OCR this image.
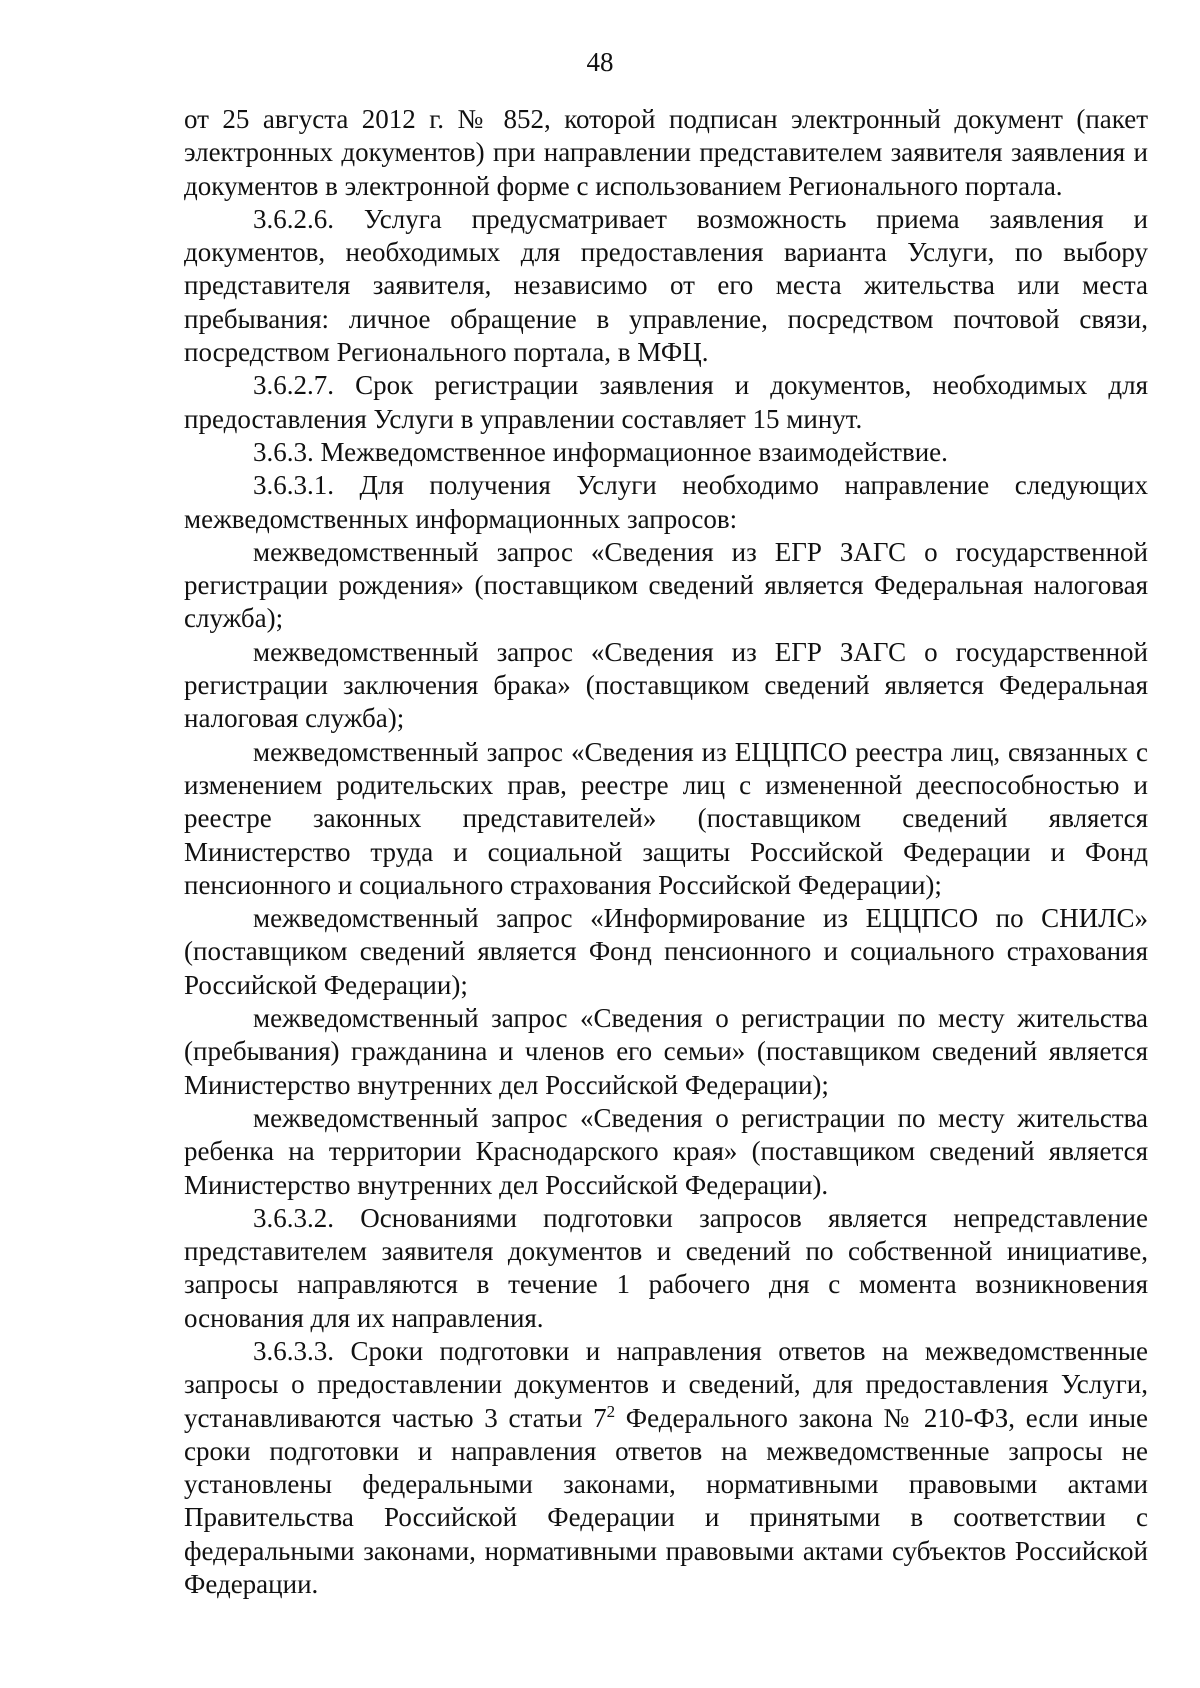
48

от 25 августа 2012 г. № 852, которой подписан электронный документ (пакет электронных документов) при направлении представителем заявителя заявления и документов в электронной форме с использованием Регионального портала.

3.6.2.6. Услуга предусматривает возможность приема заявления и документов, необходимых для предоставления варианта Услуги, по выбору представителя заявителя, независимо от его места жительства или места пребывания: личное обращение в управление, посредством почтовой связи, посредством Регионального портала, в МФЦ.

3.6.2.7. Срок регистрации заявления и документов, необходимых для предоставления Услуги в управлении составляет 15 минут.

3.6.3. Межведомственное информационное взаимодействие.

3.6.3.1. Для получения Услуги необходимо направление следующих межведомственных информационных запросов:

межведомственный запрос «Сведения из ЕГР ЗАГС о государственной регистрации рождения» (поставщиком сведений является Федеральная налоговая служба);

межведомственный запрос «Сведения из ЕГР ЗАГС о государственной регистрации заключения брака» (поставщиком сведений является Федеральная налоговая служба);

межведомственный запрос «Сведения из ЕЦЦПСО реестра лиц, связанных с изменением родительских прав, реестре лиц с измененной дееспособностью и реестре законных представителей» (поставщиком сведений является Министерство труда и социальной защиты Российской Федерации и Фонд пенсионного и социального страхования Российской Федерации);

межведомственный запрос «Информирование из ЕЦЦПСО по СНИЛС» (поставщиком сведений является Фонд пенсионного и социального страхования Российской Федерации);

межведомственный запрос «Сведения о регистрации по месту жительства (пребывания) гражданина и членов его семьи» (поставщиком сведений является Министерство внутренних дел Российской Федерации);

межведомственный запрос «Сведения о регистрации по месту жительства ребенка на территории Краснодарского края» (поставщиком сведений является Министерство внутренних дел Российской Федерации).

3.6.3.2. Основаниями подготовки запросов является непредставление представителем заявителя документов и сведений по собственной инициативе, запросы направляются в течение 1 рабочего дня с момента возникновения основания для их направления.

3.6.3.3. Сроки подготовки и направления ответов на межведомственные запросы о предоставлении документов и сведений, для предоставления Услуги, устанавливаются частью 3 статьи $7^2$ Федерального закона № 210-ФЗ, если иные сроки подготовки и направления ответов на межведомственные запросы не установлены федеральными законами, нормативными правовыми актами Правительства Российской Федерации и принятыми в соответствии с федеральными законами, нормативными правовыми актами субъектов Российской Федерации.
